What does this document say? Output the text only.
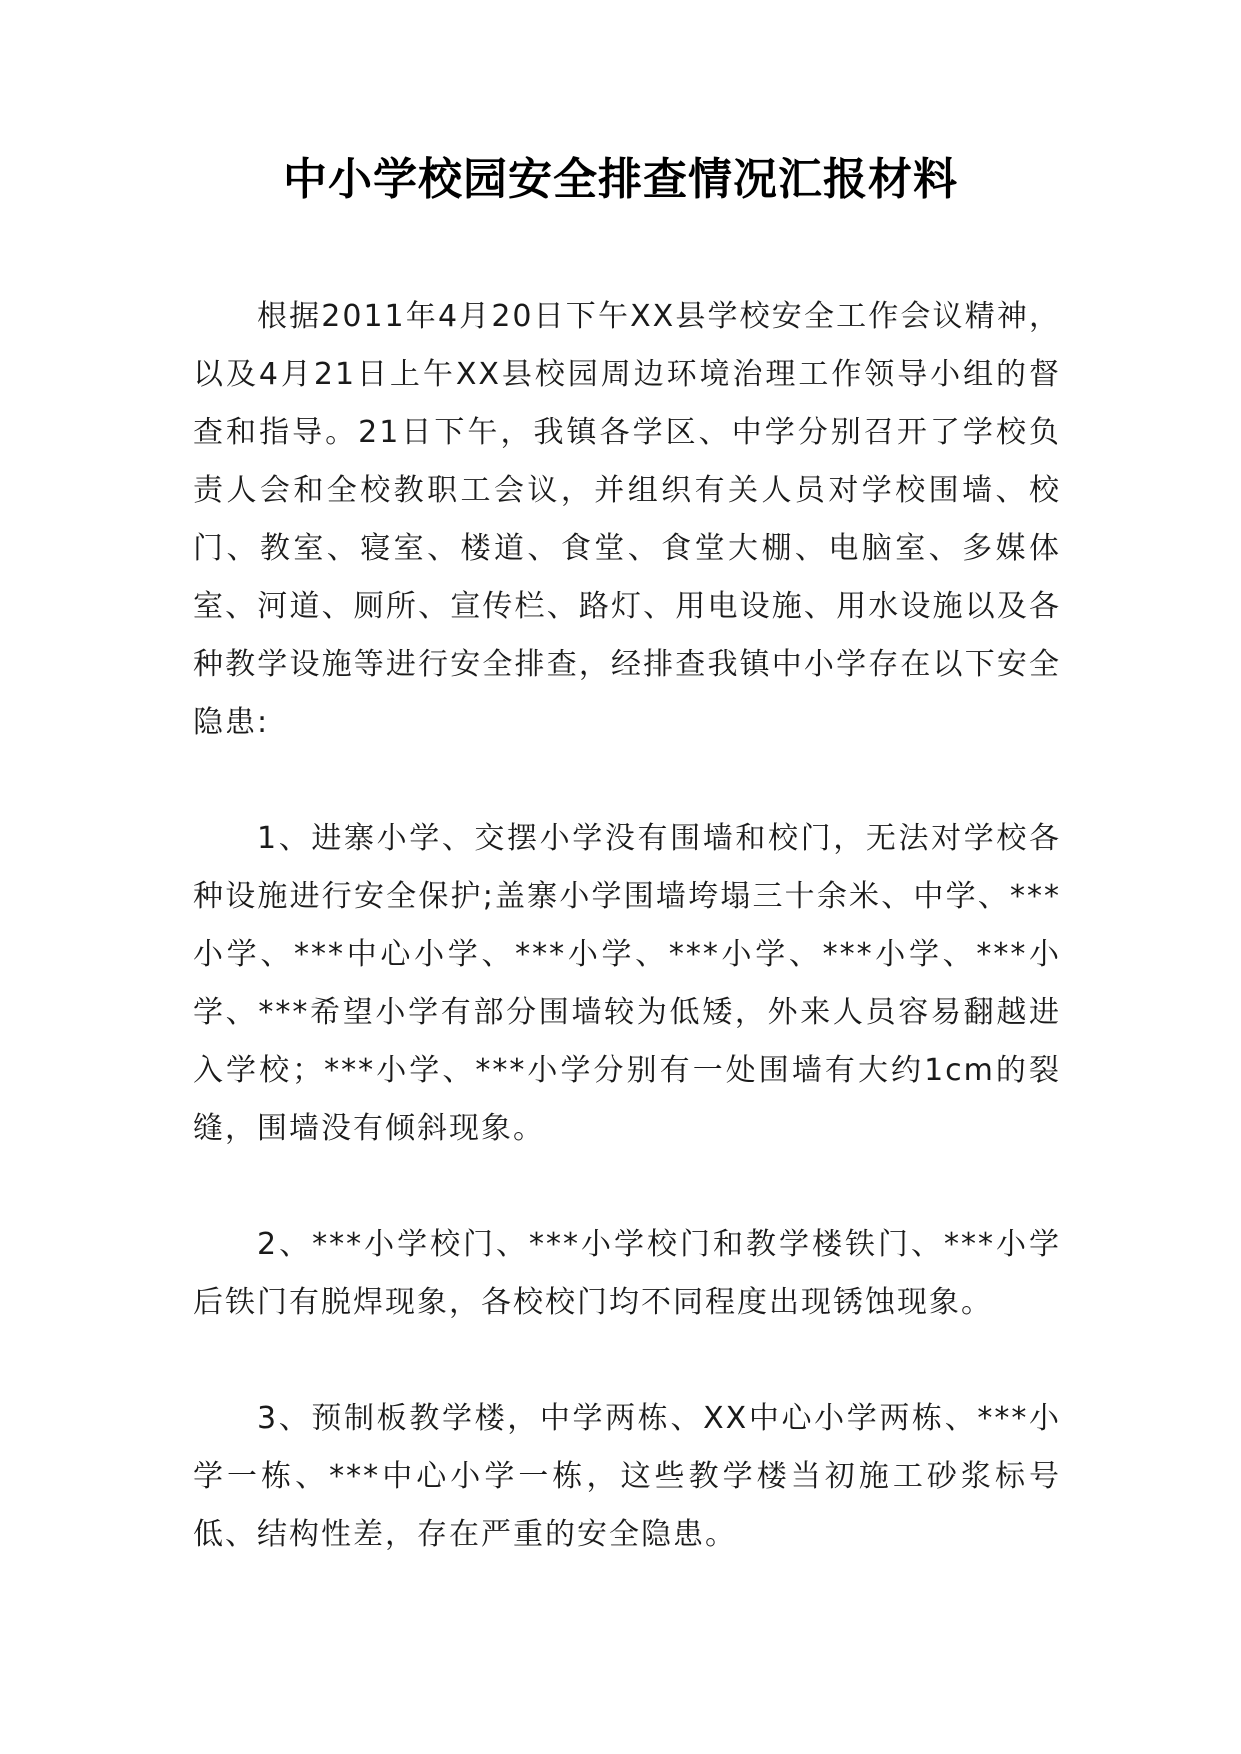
中小学校园安全排查情况汇报材料

根据2011年4月20日下午XX县学校安全工作会议精神，以及4月21日上午XX县校园周边环境治理工作领导小组的督查和指导。21日下午，我镇各学区、中学分别召开了学校负责人会和全校教职工会议，并组织有关人员对学校围墙、校门、教室、寝室、楼道、食堂、食堂大棚、电脑室、多媒体室、河道、厕所、宣传栏、路灯、用电设施、用水设施以及各种教学设施等进行安全排查，经排查我镇中小学存在以下安全隐患:

1、进寨小学、交摆小学没有围墙和校门，无法对学校各种设施进行安全保护;盖寨小学围墙垮塌三十余米、中学、***小学、***中心小学、***小学、***小学、***小学、***小学、***希望小学有部分围墙较为低矮，外来人员容易翻越进入学校；***小学、***小学分别有一处围墙有大约1cm的裂缝，围墙没有倾斜现象。

2、***小学校门、***小学校门和教学楼铁门、***小学后铁门有脱焊现象，各校校门均不同程度出现锈蚀现象。

3、预制板教学楼，中学两栋、XX中心小学两栋、***小学一栋、***中心小学一栋，这些教学楼当初施工砂浆标号低、结构性差，存在严重的安全隐患。
